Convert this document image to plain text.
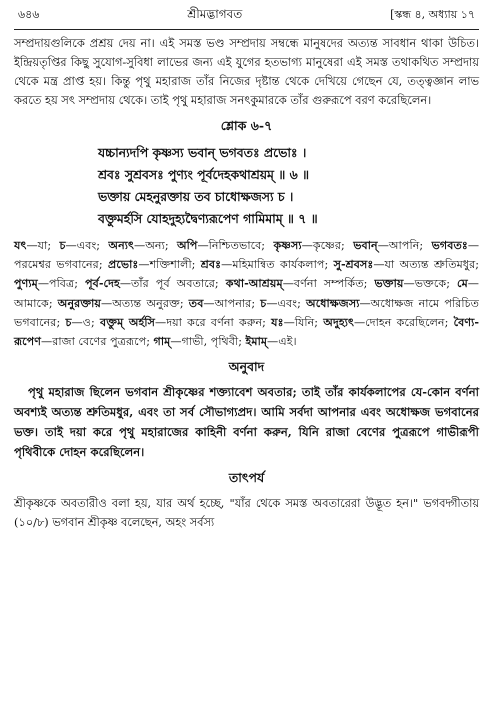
৬৪৬	শ্রীমদ্ভাগবত	[স্কন্ধ ৪, অধ্যায় ১৭
সম্প্রদায়গুলিকে প্রশ্রয় দেয় না। এই সমস্ত ভণ্ড সম্প্রদায় সম্বন্ধে মানুষদের অত্যন্ত সাবধান থাকা উচিত। ইন্দ্রিয়তৃপ্তির কিছু সুযোগ-সুবিধা লাভের জন্য এই যুগের হতভাগ্য মানুষেরা এই সমস্ত তথাকথিত সম্প্রদায় থেকে মন্ত্র প্রাপ্ত হয়। কিন্তু পৃথু মহারাজ তাঁর নিজের দৃষ্টান্ত থেকে দেখিয়ে গেছেন যে, তত্ত্বজ্ঞান লাভ করতে হয় সৎ সম্প্রদায় থেকে। তাই পৃথু মহারাজ সনৎকুমারকে তাঁর গুরুরূপে বরণ করেছিলেন।
শ্লোক ৬-৭
যচ্চান্যদপি কৃষ্ণস্য ভবান্ ভগবতঃ প্রভোঃ ।
শ্রবঃ সুশ্রবসঃ পুণ্যং পূর্বদেহকথাশ্রয়ম্ ॥ ৬ ॥
ভক্তায় মেহনুরক্তায় তব চাধোক্ষজস্য চ ।
বক্তুমর্হসি যোহদুহ্যদ্বৈণ্যরূপেণ গামিমাম্ ॥ ৭ ॥
যৎ—যা; চ—এবং; অন্যৎ—অন্য; অপি—নিশ্চিতভাবে; কৃষ্ণস্য—কৃষ্ণের; ভবান্—আপনি; ভগবতঃ—পরমেশ্বর ভগবানের; প্রভোঃ—শক্তিশালী; শ্রবঃ—মহিমান্বিত কার্যকলাপ; সু-শ্রবসঃ—যা অত্যন্ত শ্রুতিমধুর; পুণ্যম্—পবিত্র; পূর্ব-দেহ—তাঁর পূর্ব অবতারে; কথা-আশ্রয়ম্—বর্ণনা সম্পর্কিত; ভক্তায়—ভক্তকে; মে—আমাকে; অনুরক্তায়—অত্যন্ত অনুরক্ত; তব—আপনার; চ—এবং; অধোক্ষজস্য—অধোক্ষজ নামে পরিচিত ভগবানের; চ—ও; বক্তুম্ অর্হসি—দয়া করে বর্ণনা করুন; যঃ—যিনি; অদুহ্যৎ—দোহন করেছিলেন; বৈণ্য-রূপেণ—রাজা বেণের পুত্ররূপে; গাম্—গাভী, পৃথিবী; ইমাম্—এই।
অনুবাদ

পৃথু মহারাজ ছিলেন ভগবান শ্রীকৃষ্ণের শক্ত্যাবেশ অবতার; তাই তাঁর কার্যকলাপের যে-কোন বর্ণনা অবশ্যই অত্যন্ত শ্রুতিমধুর, এবং তা সর্ব সৌভাগ্যপ্রদ। আমি সর্বদা আপনার এবং অধোক্ষজ ভগবানের ভক্ত। তাই দয়া করে পৃথু মহারাজের কাহিনী বর্ণনা করুন, যিনি রাজা বেণের পুত্ররূপে গাভীরূপী পৃথিবীকে দোহন করেছিলেন।

তাৎপর্য

শ্রীকৃষ্ণকে অবতারীও বলা হয়, যার অর্থ হচ্ছে, "যাঁর থেকে সমস্ত অবতারেরা উদ্ভূত হন।" ভগবদ্গীতায় (১০/৮) ভগবান শ্রীকৃষ্ণ বলেছেন, অহং সর্বস্য
